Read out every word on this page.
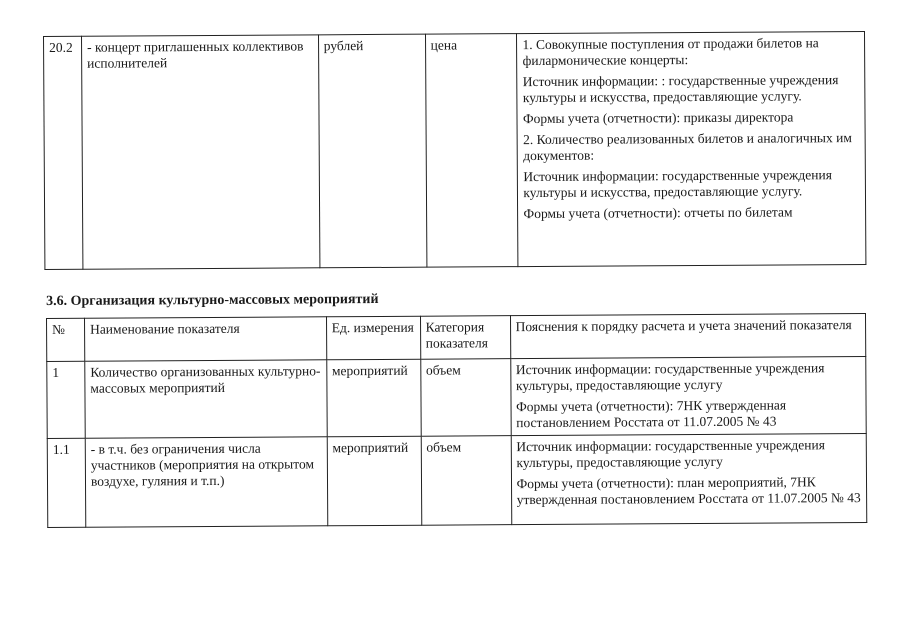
20.2	- концерт приглашенных коллективов исполнителей	рублей	цена	1. Совокупные поступления от продажи билетов на филармонические концерты:

Источник информации: : государственные учреждения культуры и искусства, предоставляющие услугу.

Формы учета (отчетности): приказы директора

2. Количество реализованных билетов и аналогичных им документов:

Источник информации: государственные учреждения культуры и искусства, предоставляющие услугу.

Формы учета (отчетности): отчеты по билетам

3.6. Организация культурно-массовых мероприятий
№	Наименование показателя	Ед. измерения	Категория показателя	Пояснения к порядку расчета и учета значений показателя
1	Количество организованных культурно-массовых мероприятий	мероприятий	объем	Источник информации: государственные учреждения культуры, предоставляющие услугу

Формы учета (отчетности): 7НК утвержденная постановлением Росстата от 11.07.2005 № 43

1.1	- в т.ч. без ограничения числа участников (мероприятия на открытом воздухе, гуляния и т.п.)	мероприятий	объем	Источник информации: государственные учреждения культуры, предоставляющие услугу

Формы учета (отчетности): план мероприятий, 7НК утвержденная постановлением Росстата от 11.07.2005 № 43
